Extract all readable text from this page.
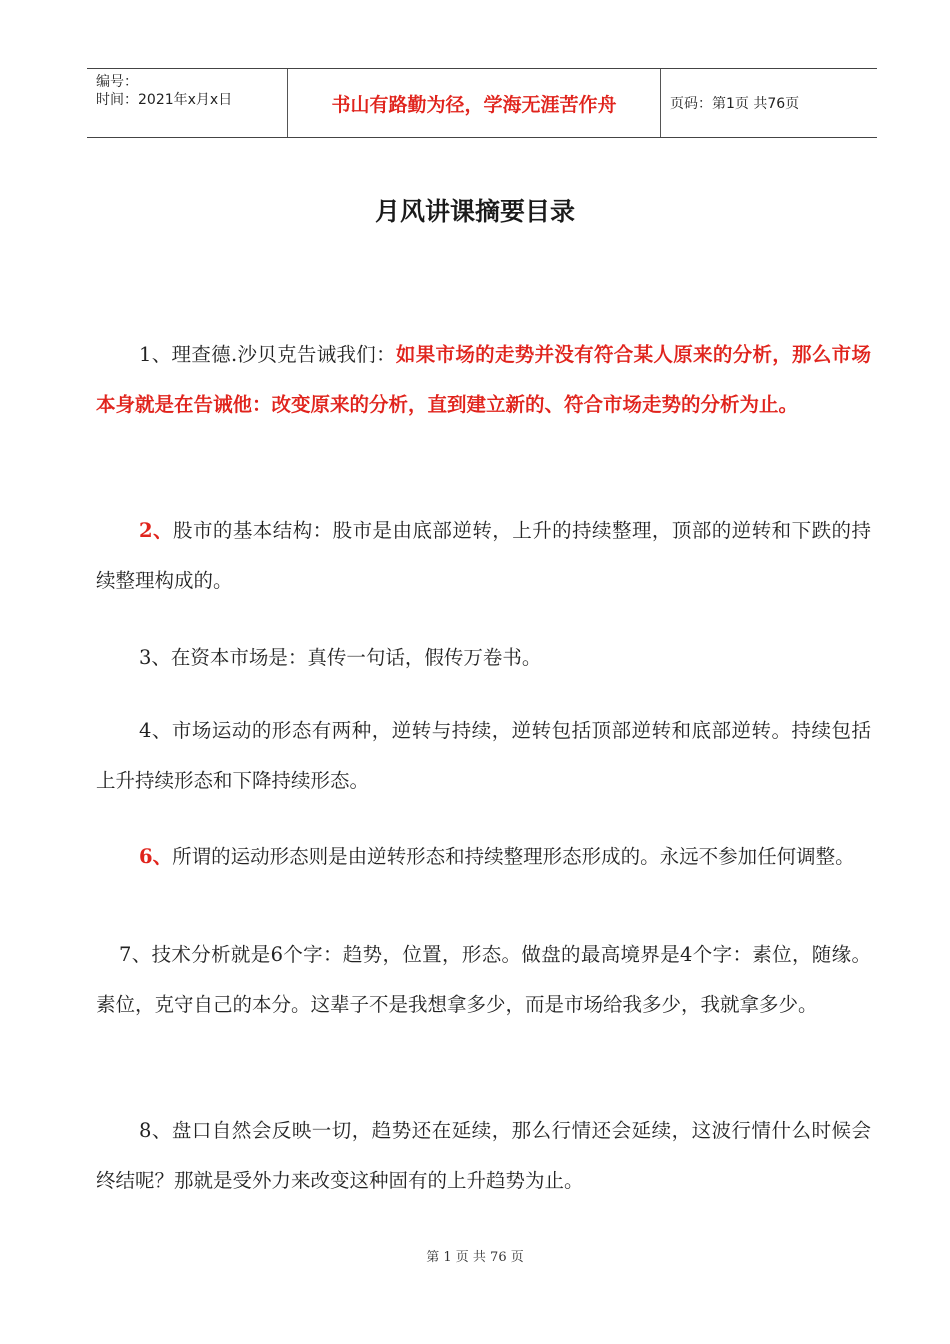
编号：
时间：2021年x月x日	书山有路勤为径，学海无涯苦作舟	页码：第1页 共76页
月风讲课摘要目录

1、理查德.沙贝克告诫我们：如果市场的走势并没有符合某人原来的分析，那么市场本身就是在告诫他：改变原来的分析，直到建立新的、符合市场走势的分析为止。

2、股市的基本结构：股市是由底部逆转，上升的持续整理，顶部的逆转和下跌的持续整理构成的。

3、在资本市场是：真传一句话，假传万卷书。

4、市场运动的形态有两种，逆转与持续，逆转包括顶部逆转和底部逆转。持续包括上升持续形态和下降持续形态。

6、所谓的运动形态则是由逆转形态和持续整理形态形成的。永远不参加任何调整。

7、技术分析就是6个字：趋势，位置，形态。做盘的最高境界是4个字：素位，随缘。素位，克守自己的本分。这辈子不是我想拿多少，而是市场给我多少，我就拿多少。

8、盘口自然会反映一切，趋势还在延续，那么行情还会延续，这波行情什么时候会终结呢？那就是受外力来改变这种固有的上升趋势为止。

第 1 页 共 76 页
